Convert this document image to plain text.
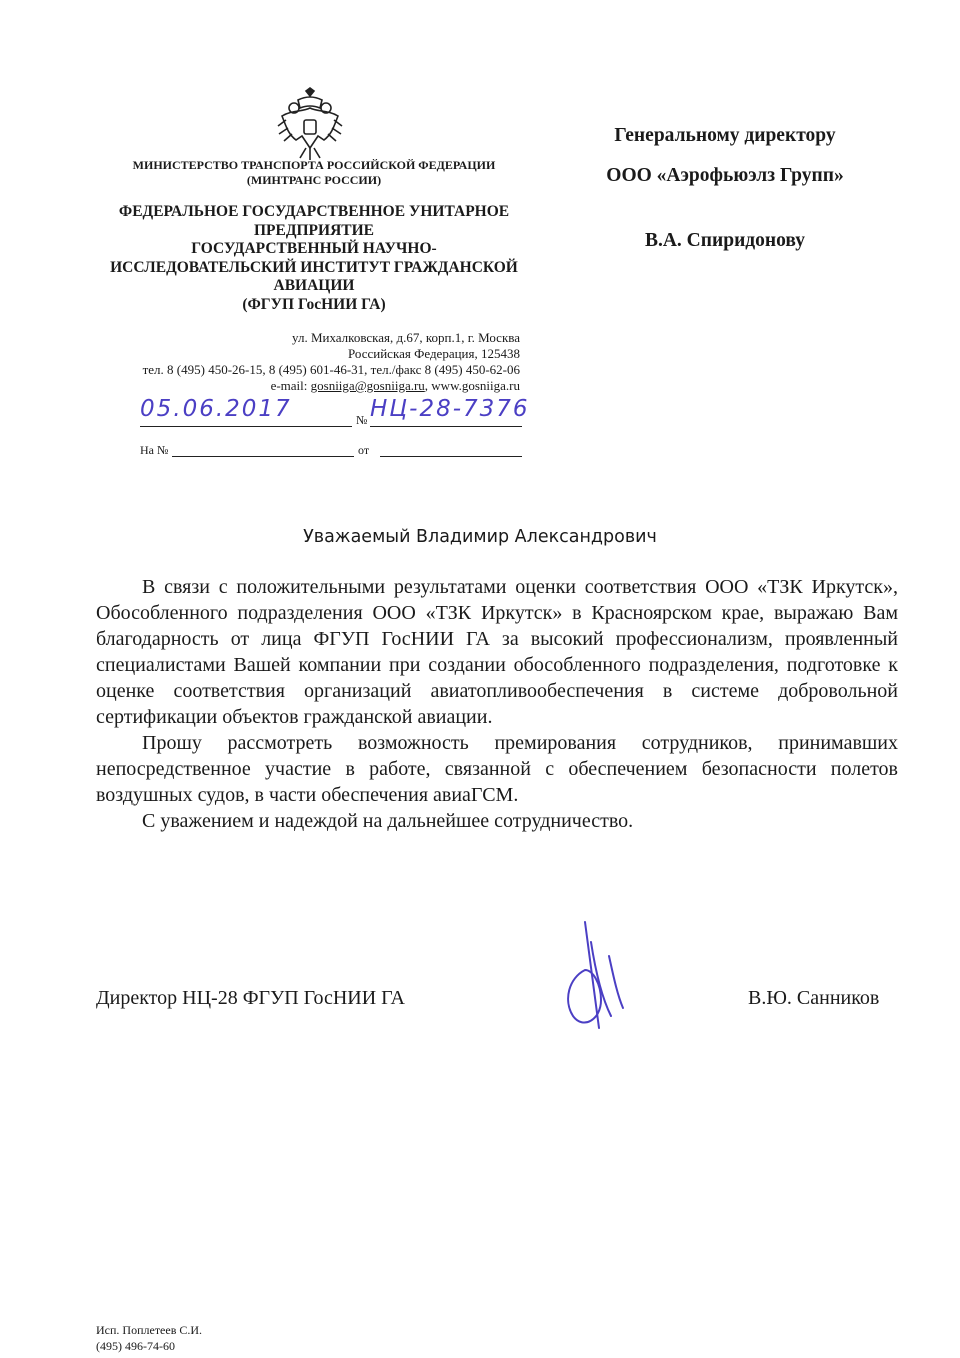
МИНИСТЕРСТВО ТРАНСПОРТА РОССИЙСКОЙ ФЕДЕРАЦИИ
(МИНТРАНС РОССИИ)
ФЕДЕРАЛЬНОЕ ГОСУДАРСТВЕННОЕ УНИТАРНОЕ
ПРЕДПРИЯТИЕ
ГОСУДАРСТВЕННЫЙ НАУЧНО-
ИССЛЕДОВАТЕЛЬСКИЙ ИНСТИТУТ ГРАЖДАНСКОЙ
АВИАЦИИ
(ФГУП ГосНИИ ГА)
ул. Михалковская, д.67, корп.1, г. Москва
Российская Федерация, 125438
тел. 8 (495) 450-26-15, 8 (495) 601-46-31, тел./факс 8 (495) 450-62-06
e-mail: gosniiga@gosniiga.ru, www.gosniiga.ru
05.06.2017	№ НЦ-28-7376
На №	от
Генеральному директору
ООО «Аэрофьюэлз Групп»
В.А. Спиридонову
Уважаемый Владимир Александрович

В связи с положительными результатами оценки соответствия ООО «ТЗК Иркутск», Обособленного подразделения ООО «ТЗК Иркутск» в Красноярском крае, выражаю Вам благодарность от лица ФГУП ГосНИИ ГА за высокий профессионализм, проявленный специалистами Вашей компании при создании обособленного подразделения, подготовке к оценке соответствия организаций авиатопливообеспечения в системе добровольной сертификации объектов гражданской авиации.

Прошу рассмотреть возможность премирования сотрудников, принимавших непосредственное участие в работе, связанной с обеспечением безопасности полетов воздушных судов, в части обеспечения авиаГСМ.

С уважением и надеждой на дальнейшее сотрудничество.

Директор НЦ-28 ФГУП ГосНИИ ГА	В.Ю. Санников
Исп. Поплетеев С.И.
(495) 496-74-60
